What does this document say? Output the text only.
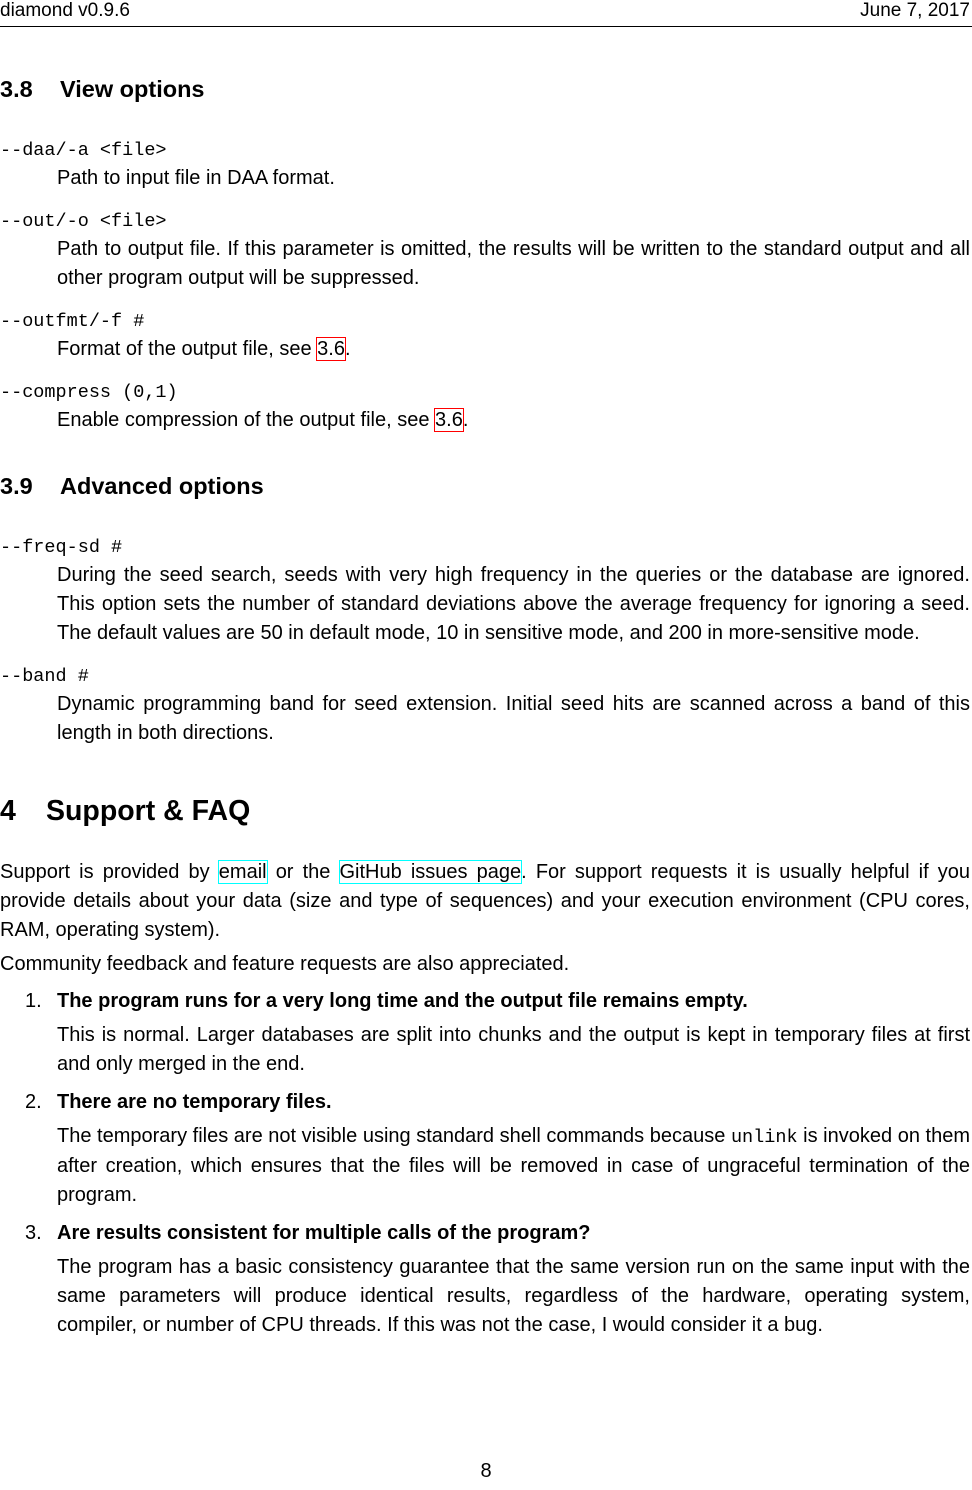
diamond v0.9.6	June 7, 2017
3.8 View options
--daa/-a <file>
Path to input file in DAA format.
--out/-o <file>
Path to output file. If this parameter is omitted, the results will be written to the standard output and all other program output will be suppressed.
--outfmt/-f #
Format of the output file, see 3.6.
--compress (0,1)
Enable compression of the output file, see 3.6.
3.9 Advanced options
--freq-sd #
During the seed search, seeds with very high frequency in the queries or the database are ignored. This option sets the number of standard deviations above the average frequency for ignoring a seed. The default values are 50 in default mode, 10 in sensitive mode, and 200 in more-sensitive mode.
--band #
Dynamic programming band for seed extension. Initial seed hits are scanned across a band of this length in both directions.
4 Support & FAQ

Support is provided by email or the GitHub issues page. For support requests it is usually helpful if you provide details about your data (size and type of sequences) and your execution environment (CPU cores, RAM, operating system).

Community feedback and feature requests are also appreciated.

1. The program runs for a very long time and the output file remains empty.
This is normal. Larger databases are split into chunks and the output is kept in temporary files at first and only merged in the end.
2. There are no temporary files.
The temporary files are not visible using standard shell commands because unlink is invoked on them after creation, which ensures that the files will be removed in case of ungraceful termination of the program.
3. Are results consistent for multiple calls of the program?
The program has a basic consistency guarantee that the same version run on the same input with the same parameters will produce identical results, regardless of the hardware, operating system, compiler, or number of CPU threads. If this was not the case, I would consider it a bug.
8
